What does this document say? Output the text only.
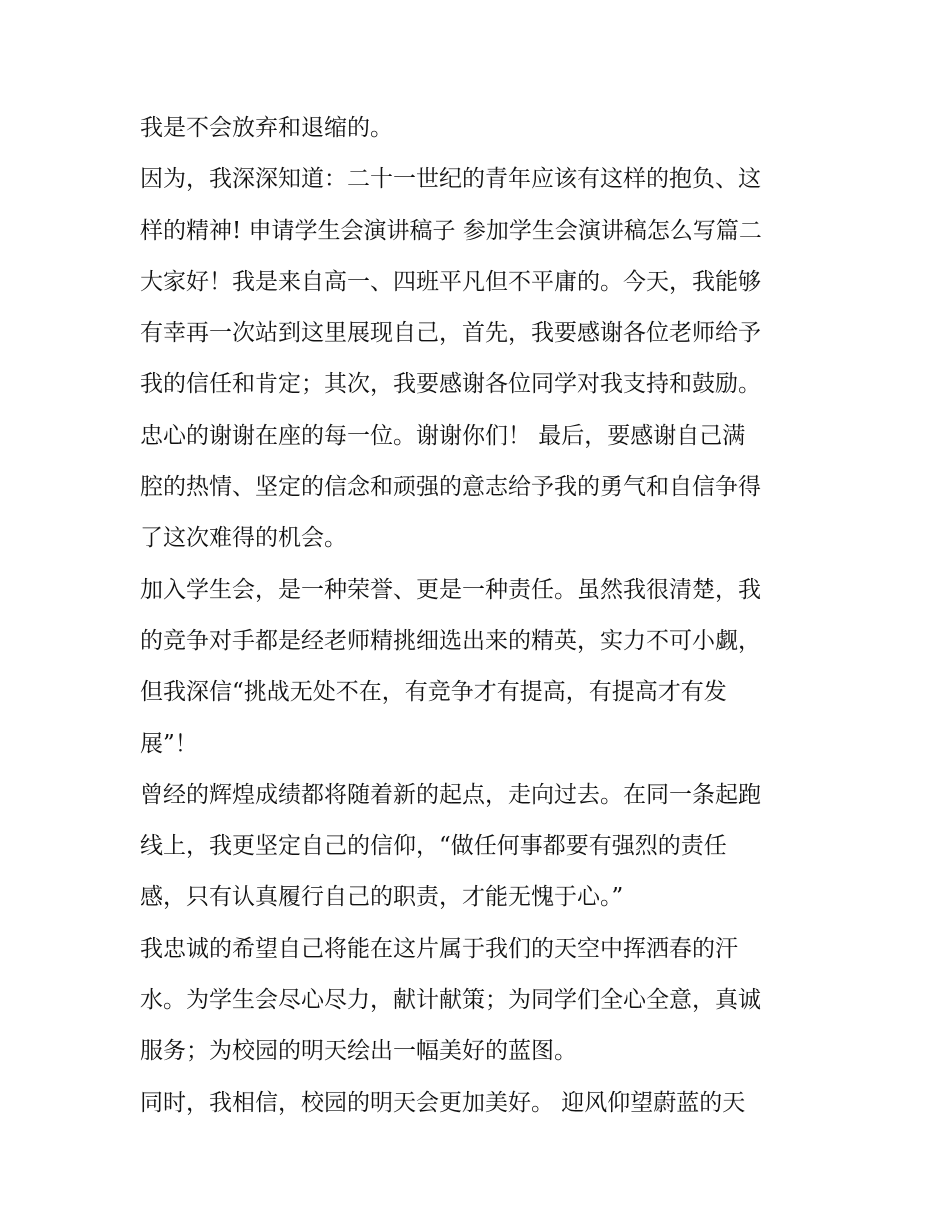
我是不会放弃和退缩的。
因为，我深深知道：二十一世纪的青年应该有这样的抱负、这
样的精神! 申请学生会演讲稿子 参加学生会演讲稿怎么写篇二
大家好！我是来自高一、四班平凡但不平庸的。今天，我能够
有幸再一次站到这里展现自己，首先，我要感谢各位老师给予
我的信任和肯定；其次，我要感谢各位同学对我支持和鼓励。
忠心的谢谢在座的每一位。谢谢你们！ 最后，要感谢自己满
腔的热情、坚定的信念和顽强的意志给予我的勇气和自信争得
了这次难得的机会。
加入学生会，是一种荣誉、更是一种责任。虽然我很清楚，我
的竞争对手都是经老师精挑细选出来的精英，实力不可小觑，
但我深信“挑战无处不在，有竞争才有提高，有提高才有发
展”！
曾经的辉煌成绩都将随着新的起点，走向过去。在同一条起跑
线上，我更坚定自己的信仰，“做任何事都要有强烈的责任
感，只有认真履行自己的职责，才能无愧于心。”
我忠诚的希望自己将能在这片属于我们的天空中挥洒春的汗
水。为学生会尽心尽力，献计献策；为同学们全心全意，真诚
服务；为校园的明天绘出一幅美好的蓝图。
同时，我相信，校园的明天会更加美好。 迎风仰望蔚蓝的天
